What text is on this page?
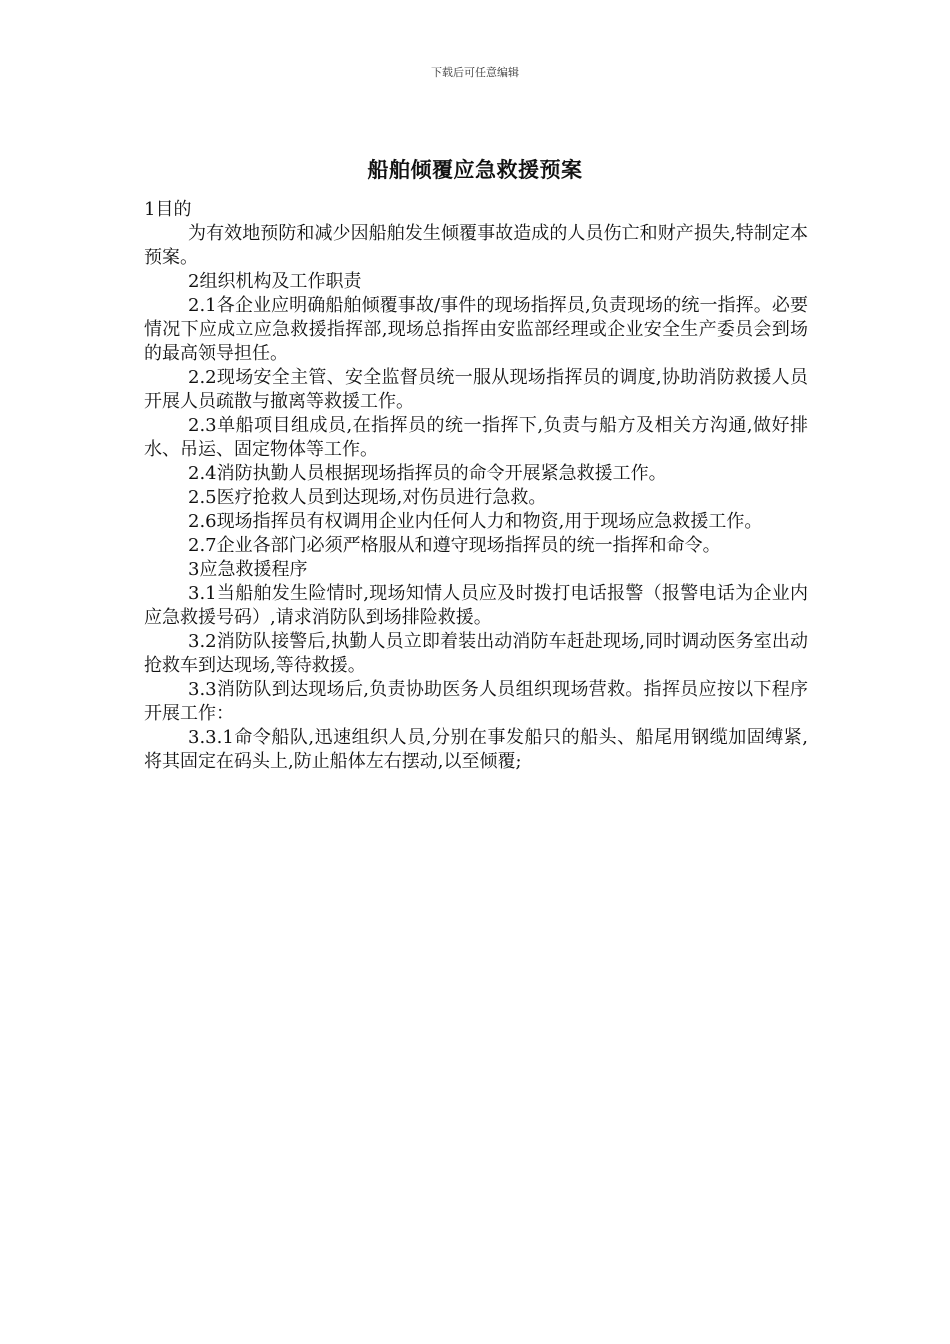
下载后可任意编辑
船舶倾覆应急救援预案

1目的

为有效地预防和减少因船舶发生倾覆事故造成的人员伤亡和财产损失,特制定本预案。

2组织机构及工作职责

2.1各企业应明确船舶倾覆事故/事件的现场指挥员,负责现场的统一指挥。必要情况下应成立应急救援指挥部,现场总指挥由安监部经理或企业安全生产委员会到场的最高领导担任。

2.2现场安全主管、安全监督员统一服从现场指挥员的调度,协助消防救援人员开展人员疏散与撤离等救援工作。

2.3单船项目组成员,在指挥员的统一指挥下,负责与船方及相关方沟通,做好排水、吊运、固定物体等工作。

2.4消防执勤人员根据现场指挥员的命令开展紧急救援工作。

2.5医疗抢救人员到达现场,对伤员进行急救。

2.6现场指挥员有权调用企业内任何人力和物资,用于现场应急救援工作。

2.7企业各部门必须严格服从和遵守现场指挥员的统一指挥和命令。

3应急救援程序

3.1当船舶发生险情时,现场知情人员应及时拨打电话报警（报警电话为企业内应急救援号码）,请求消防队到场排险救援。

3.2消防队接警后,执勤人员立即着装出动消防车赶赴现场,同时调动医务室出动抢救车到达现场,等待救援。

3.3消防队到达现场后,负责协助医务人员组织现场营救。指挥员应按以下程序开展工作：

3.3.1命令船队,迅速组织人员,分别在事发船只的船头、船尾用钢缆加固缚紧,将其固定在码头上,防止船体左右摆动,以至倾覆;
